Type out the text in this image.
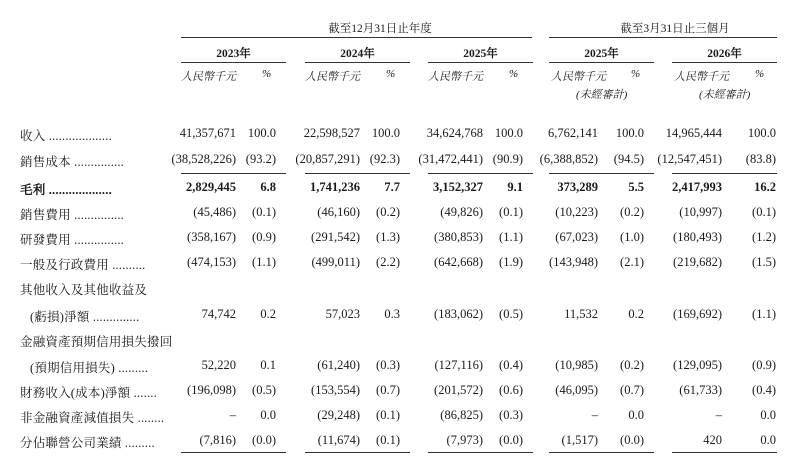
截至12月31日止年度	截至3月31日止三個月
2023年	2024年	2025年	2025年	2026年
人民幣千元 %	人民幣千元 %	人民幣千元 %	人民幣千元 %	人民幣千元 %
(未經審計)	(未經審計)
收入 ...................	41,357,671 100.0	22,598,527 100.0	34,624,768 100.0	6,762,141	100.0	14,965,444	100.0
銷售成本 ...............	(38,528,226) (93.2)	(20,857,291) (92.3)	(31,472,441) (90.9)	(6,388,852)	(94.5)	(12,547,451)	(83.8)
毛利 ...................	2,829,445	6.8	1,741,236	7.7	3,152,327	9.1	373,289	5.5	2,417,993	16.2
銷售費用 ...............	(45,486)	(0.1)	(46,160)	(0.2)	(49,826)	(0.1)	(10,223)	(0.2)	(10,997)	(0.1)
研發費用 ...............	(358,167)	(0.9)	(291,542)	(1.3)	(380,853)	(1.1)	(67,023)	(1.0)	(180,493)	(1.2)
一般及行政費用 ..........	(474,153)	(1.1)	(499,011)	(2.2)	(642,668)	(1.9)	(143,948)	(2.1)	(219,682)	(1.5)
其他收入及其他收益及
(虧損)淨額 ..............	74,742	0.2	57,023	0.3	(183,062)	(0.5)	11,532	0.2	(169,692)	(1.1)
金融資產預期信用損失撥回
(預期信用損失) .........	52,220	0.1	(61,240)	(0.3)	(127,116)	(0.4)	(10,985)	(0.2)	(129,095)	(0.9)
財務收入(成本)淨額 .......	(196,098)	(0.5)	(153,554)	(0.7)	(201,572)	(0.6)	(46,095)	(0.7)	(61,733)	(0.4)
非金融資產減值損失 ........	–	0.0	(29,248)	(0.1)	(86,825)	(0.3)	–	0.0	–	0.0
分佔聯營公司業績 .........	(7,816)	(0.0)	(11,674)	(0.1)	(7,973)	(0.0)	(1,517)	(0.0)	420	0.0
